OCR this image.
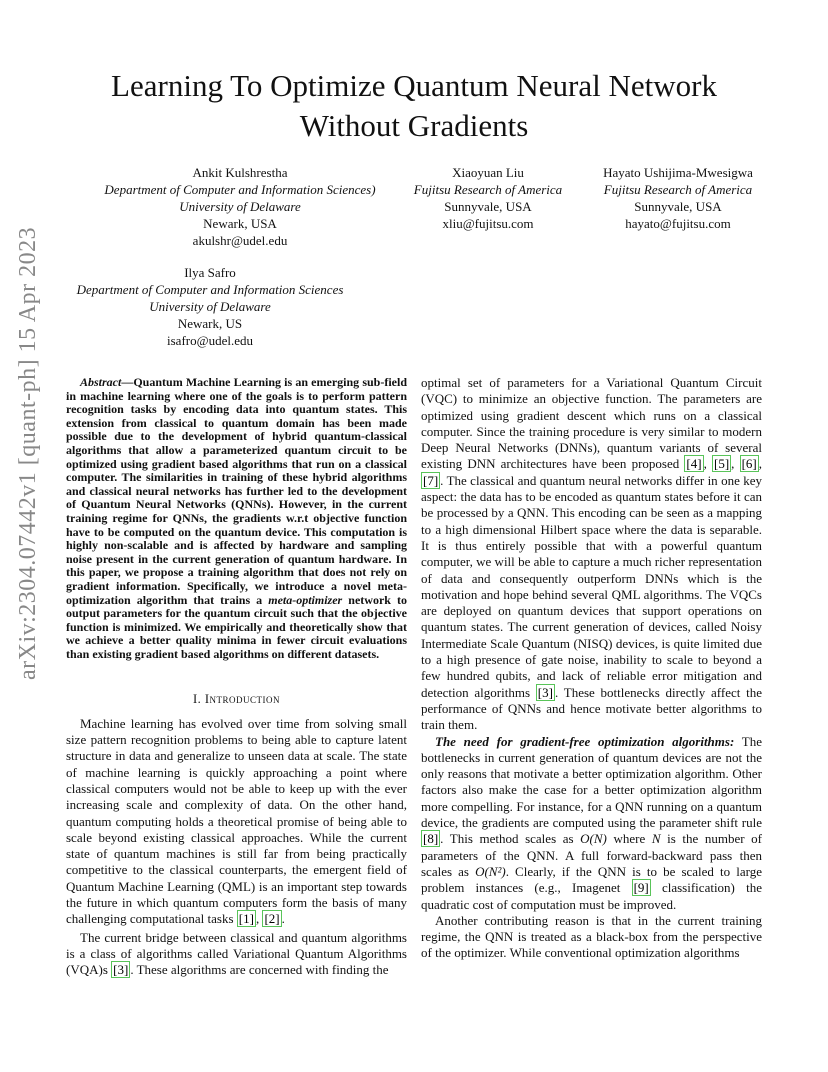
arXiv:2304.07442v1 [quant-ph] 15 Apr 2023
Learning To Optimize Quantum Neural Network
Without Gradients
Ankit Kulshrestha
Department of Computer and Information Sciences)
University of Delaware
Newark, USA
akulshr@udel.edu
Xiaoyuan Liu
Fujitsu Research of America
Sunnyvale, USA
xliu@fujitsu.com
Hayato Ushijima-Mwesigwa
Fujitsu Research of America
Sunnyvale, USA
hayato@fujitsu.com
Ilya Safro
Department of Computer and Information Sciences
University of Delaware
Newark, US
isafro@udel.edu

Abstract—Quantum Machine Learning is an emerging sub-field in machine learning where one of the goals is to perform pattern recognition tasks by encoding data into quantum states. This extension from classical to quantum domain has been made possible due to the development of hybrid quantum-classical algorithms that allow a parameterized quantum circuit to be optimized using gradient based algorithms that run on a classical computer. The similarities in training of these hybrid algorithms and classical neural networks has further led to the development of Quantum Neural Networks (QNNs). However, in the current training regime for QNNs, the gradients w.r.t objective function have to be computed on the quantum device. This computation is highly non-scalable and is affected by hardware and sampling noise present in the current generation of quantum hardware. In this paper, we propose a training algorithm that does not rely on gradient information. Specifically, we introduce a novel meta-optimization algorithm that trains a meta-optimizer network to output parameters for the quantum circuit such that the objective function is minimized. We empirically and theoretically show that we achieve a better quality minima in fewer circuit evaluations than existing gradient based algorithms on different datasets.

I. Introduction

Machine learning has evolved over time from solving small size pattern recognition problems to being able to capture latent structure in data and generalize to unseen data at scale. The state of machine learning is quickly approaching a point where classical computers would not be able to keep up with the ever increasing scale and complexity of data. On the other hand, quantum computing holds a theoretical promise of being able to scale beyond existing classical approaches. While the current state of quantum machines is still far from being practically competitive to the classical counterparts, the emergent field of Quantum Machine Learning (QML) is an important step towards the future in which quantum computers form the basis of many challenging computational tasks [1] , [2] .

The current bridge between classical and quantum algorithms is a class of algorithms called Variational Quantum Algorithms (VQA)s [3] . These algorithms are concerned with finding the

optimal set of parameters for a Variational Quantum Circuit (VQC) to minimize an objective function. The parameters are optimized using gradient descent which runs on a classical computer. Since the training procedure is very similar to modern Deep Neural Networks (DNNs), quantum variants of several existing DNN architectures have been proposed [4] , [5] , [6] , [7] . The classical and quantum neural networks differ in one key aspect: the data has to be encoded as quantum states before it can be processed by a QNN. This encoding can be seen as a mapping to a high dimensional Hilbert space where the data is separable. It is thus entirely possible that with a powerful quantum computer, we will be able to capture a much richer representation of data and consequently outperform DNNs which is the motivation and hope behind several QML algorithms. The VQCs are deployed on quantum devices that support operations on quantum states. The current generation of devices, called Noisy Intermediate Scale Quantum (NISQ) devices, is quite limited due to a high presence of gate noise, inability to scale to beyond a few hundred qubits, and lack of reliable error mitigation and detection algorithms [3] . These bottlenecks directly affect the performance of QNNs and hence motivate better algorithms to train them.

The need for gradient-free optimization algorithms: The bottlenecks in current generation of quantum devices are not the only reasons that motivate a better optimization algorithm. Other factors also make the case for a better optimization algorithm more compelling. For instance, for a QNN running on a quantum device, the gradients are computed using the parameter shift rule [8] . This method scales as O(N) where N is the number of parameters of the QNN. A full forward-backward pass then scales as O(N²). Clearly, if the QNN is to be scaled to large problem instances (e.g., Imagenet [9] classification) the quadratic cost of computation must be improved.

Another contributing reason is that in the current training regime, the QNN is treated as a black-box from the perspective of the optimizer. While conventional optimization algorithms
